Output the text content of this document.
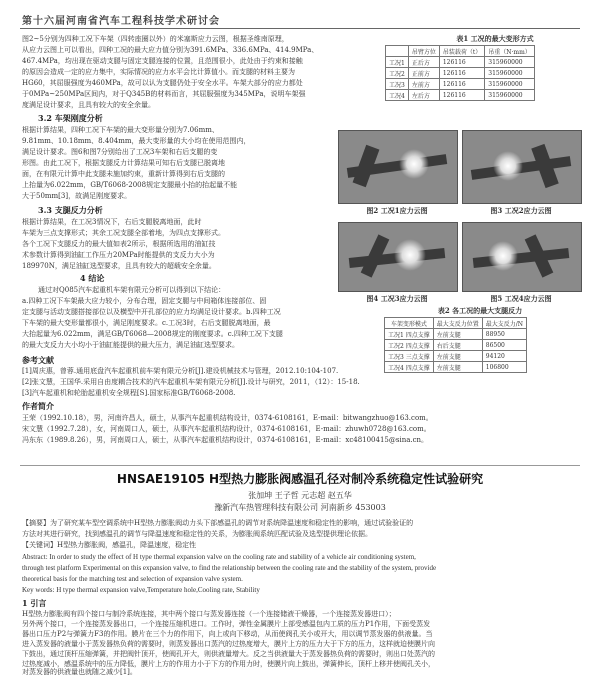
第十六届河南省汽车工程科技学术研讨会
图2~5分别为四种工况下车架（四转座圈以外）的米塞斯应力云图，根据圣维南原理，
从应力云图上可以看出，四种工况的最大应力值分别为391.6MPa、336.6MPa、414.9MPa、
467.4MPa，均出现在驱动支腿与固定支腿连接的位置，且范围很小，此处由于约束和接触
的原因会造成一定的应力集中，实际情况的应力水平会比计算值小。而支腿的材料主要为
HG60，其屈服强度为460MPa，故可以认为支腿仍处于安全水平。车架大部分的应力都处
于0MPa~250MPa区间内，对于Q345B的材料而言，其屈服强度为345MPa，说明车架强
度满足设计要求，且具有较大的安全余量。
表1 工况的最大变形方式
	吊臂方位	吊装载荷（t）	吊重（N·mm）
工况1	正后方	126116	315960000
工况2	正前方	126116	315960000
工况3	左前方	126116	315960000
工况4	左后方	126116	315960000
3.2 车架刚度分析
根据计算结果，四种工况下车架的最大变形量分别为7.06mm、
9.81mm、10.18mm、8.404mm，最大变形量的大小均在使用范围内，
满足设计要求。图6和图7分别给出了工况3车架和右后支腿的变
形图。由此工况下，根据支腿反力计算结果可知右后支腿已脱离地
面，在有限元计算中此支腿未施加约束，重新计算得到右后支腿的
上抬量为6.022mm，GB/T6068-2008规定支腿最小抬的抬起量不能
大于50mm[3]，故满足刚度要求。
3.3 支腿反力分析
根据计算结果，在工况3情况下，右后支腿脱离地面，此时
车架为三点支撑形式；其余工况支腿全部着地，为四点支撑形式。
各个工况下支腿反力的最大值如表2所示，根据所选用的油缸技
术参数计算得到油缸工作压力20MPa时能提供的支反力大小为
189970N，满足油缸选型要求，且具有较大的超载安全余量。
图2 工况1应力云图	图3 工况2应力云图
图4 工况3应力云图	图5 工况4应力云图
4 结论
通过对Q085汽车起重机车架有限元分析可以得到以下结论：
a.四种工况下车架最大应力较小，分布合理，固定支腿与中间箱体连接部位、固
定支腿与活动支腿搭接部位以及横型中开孔部位的应力均满足设计要求。b.四种工况
下车架的最大变形量都很小，满足刚度要求。c.工况3时，右后支腿脱离地面，最
大抬起量为6.022mm，满足GB/T6068—2008规定的刚度要求。c.四种工况下支腿
的最大支反力大小均小于油缸能提供的最大压力，满足油缸选型要求。
表2 各工况的最大支腿反力
车架变形模式	最大支反力位置	最大支反力/N
工况1 四点支撑	左前支腿	88950
工况2 四点支撑	右后支腿	86500
工况3 三点支撑	左前支腿	94120
工况4 四点支撑	左前支腿	106800
参考文献
[1]周庆惠，曾蓉.通用底盘汽车起重机前车架有限元分析[J].建设机械技术与管理，2012.10:104-107.
[2]张文慧，王国华.采用自由度耦合技术的汽车起重机车架有限元分析[J].设计与研究，2011，（12）：15-18.
[3]汽车起重机和轮胎起重机安全规程[S].国家标准GB/T6068-2008.
作者简介
王荣（1992.10.18），男，河南许昌人，硕士，从事汽车起重机结构设计，0374-6108161，E-mail：bitwangzhuo@163.com。
宋文慧（1992.7.28），女，河南周口人，硕士，从事汽车起重机结构设计，0374-6108161，E-mail：zhuwh0728@163.com。
冯东东（1989.8.26），男，河南周口人，硕士，从事汽车起重机结构设计，0374-6108161，E-mail：xc48100415@sina.cn。
HNSAE19105 H型热力膨胀阀感温孔径对制冷系统稳定性试验研究
张加坤 王子哲 元志超 赵五华
豫新汽车热管理科技有限公司 河南新乡 453003
【摘要】为了研究某车型空调系统中H型热力膨胀阀动力头下部感温孔的调节对系统降温速度和稳定性的影响，通过试验验证的
方法对其进行研究，找到感温孔的调节与降温速度和稳定性的关系，为膨胀阀系统匹配试验及选型提供理论依据。
【关键词】H型热力膨胀阀，感温孔，降温速度，稳定性
Abstract: In order to study the effect of H type thermal expansion valve on the cooling rate and stability of a vehicle air conditioning system,
through test platform Experimental on this expansion valve, to find the relationship between the cooling rate and the stability of the system, provide
theoretical basis for the matching test and selection of expansion valve system.
Key words: H type thermal expansion valve,Temperature hole,Cooling rate, Stability
1 引言
H型热力膨胀阀有四个接口与制冷系统连接，其中两个接口与蒸发器连接（一个连接储液干燥器，一个连接蒸发器进口）；
另外两个接口，一个连接蒸发器出口，一个连接压缩机进口。工作时，弹性金属膜片上部受感温包内工质的压力P1作用，下面受蒸发
器出口压力P2与弹簧力F3的作用。膜片在三个力的作用下，向上或向下移动，从而使阀孔关小或开大，用以调节蒸发器的供液量。当
进入蒸发器的液量小于蒸发器热负荷的需要时，则蒸发器出口蒸汽的过热度增大，膜片上方的压力大于下方的压力，这样就迫使膜片向
下鼓出，通过顶杆压缩弹簧，并把阀针顶开，使阀孔开大，则供液量增大。反之当供液量大于蒸发器热负荷的需要时，则出口处蒸汽的
过热度减小，感温系统中的压力降低，膜片上方的作用力小于下方的作用力时，使膜片向上鼓出，弹簧伸长，顶杆上移并使阀孔关小，
对蒸发器的供液量也就随之减少[1]。
